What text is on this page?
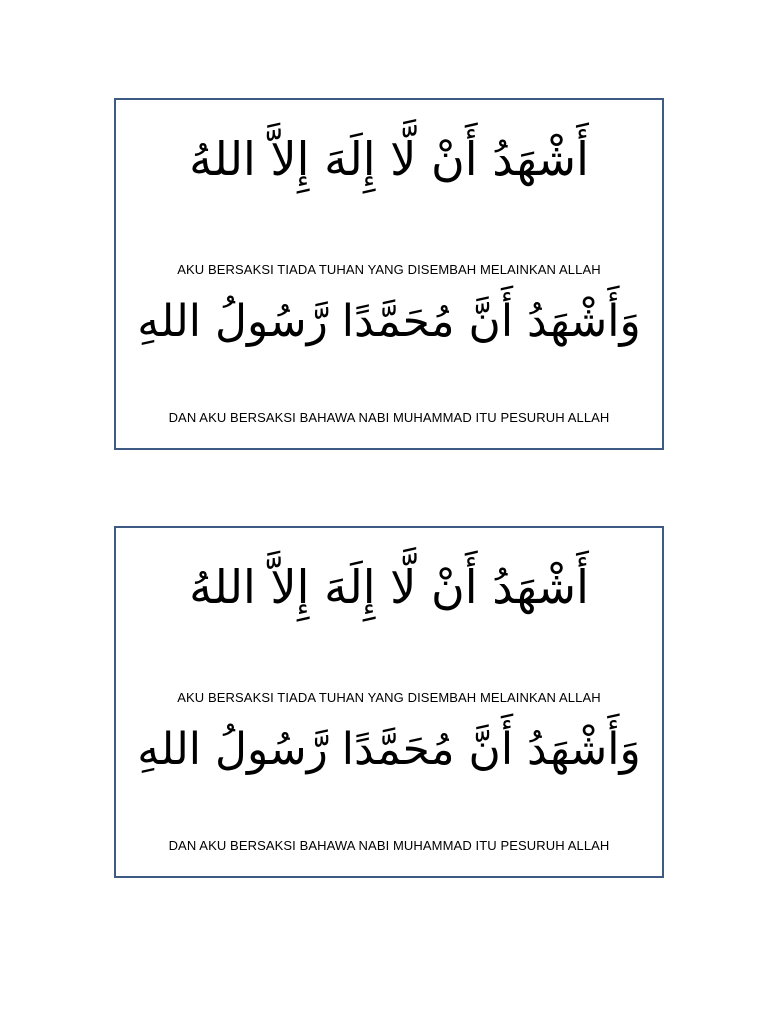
أَشْهَدُ أَنْ لَّا إِلَهَ إِلاَّ اللهُ
AKU BERSAKSI TIADA TUHAN YANG DISEMBAH MELAINKAN ALLAH
وَأَشْهَدُ أَنَّ مُحَمَّدًا رَّسُولُ اللهِ
DAN AKU BERSAKSI BAHAWA NABI MUHAMMAD ITU PESURUH ALLAH
أَشْهَدُ أَنْ لَّا إِلَهَ إِلاَّ اللهُ
AKU BERSAKSI TIADA TUHAN YANG DISEMBAH MELAINKAN ALLAH
وَأَشْهَدُ أَنَّ مُحَمَّدًا رَّسُولُ اللهِ
DAN AKU BERSAKSI BAHAWA NABI MUHAMMAD ITU PESURUH ALLAH
